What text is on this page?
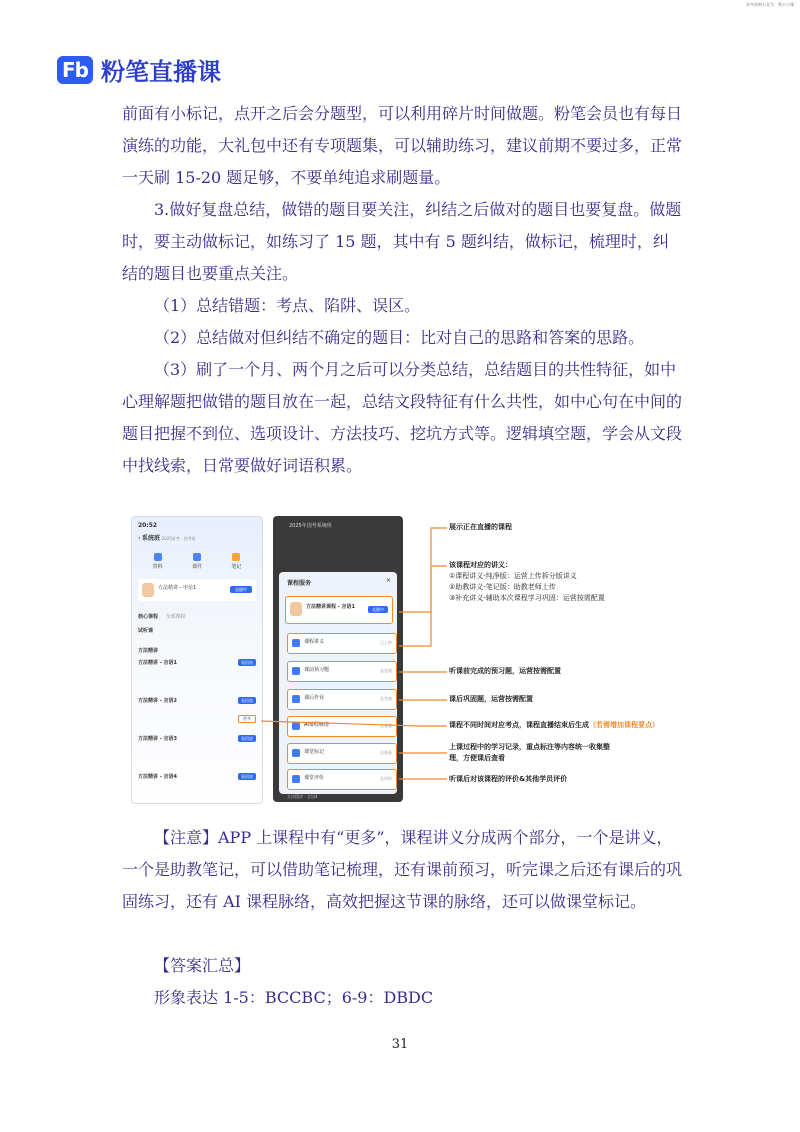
更多资料公众号：带公小课
Fb 粉笔直播课
前面有小标记，点开之后会分题型，可以利用碎片时间做题。粉笔会员也有每日演练的功能，大礼包中还有专项题集，可以辅助练习，建议前期不要过多，正常一天刷 15-20 题足够，不要单纯追求刷题量。
3.做好复盘总结，做错的题目要关注，纠结之后做对的题目也要复盘。做题时，要主动做标记，如练习了 15 题，其中有 5 题纠结，做标记，梳理时，纠结的题目也要重点关注。
（1）总结错题：考点、陷阱、误区。
（2）总结做对但纠结不确定的题目：比对自己的思路和答案的思路。
（3）刷了一个月、两个月之后可以分类总结，总结题目的共性特征，如中心理解题把做错的题目放在一起，总结文段特征有什么共性，如中心句在中间的题目把握不到位、选项设计、方法技巧、挖坑方式等。逻辑填空题，学会从文段中找线索，日常要做好词语积累。
20:52
‹ 系统班 2025省考 · 国考班
资料	课件	笔记
方法精讲 - 申论1	直播中
核心课程 全部课程
试听课
方法精讲
方法精讲 - 言语1	看回放
方法精讲 - 言语2	看回放
更多
方法精讲 - 言语3	看回放
方法精讲 - 言语4	看回放
2025年国考系统班
课程服务	×
方法精讲课程 - 言语1	直播中
课程讲义	已上传
课前预习题	去完成
课后作业	去完成
AI课程脉络	去查看
课堂标记	去查看
课堂评价	去评价
方法精讲 - 言语4
展示正在直播的课程
该课程对应的讲义：
①课程讲义-纯净版：运营上传拆分版讲义
②助教讲义-笔记版：助教老师上传
③补充讲义-辅助本次课程学习巩固：运营按需配置
听课前完成的预习题，运营按需配置
课后巩固题，运营按需配置
课程不同时间对应考点，课程直播结束后生成（若需增加课程要点）
上课过程中的学习记录，重点标注等内容统一收集整
理，方便课后查看
听课后对该课程的评价&其他学员评价
【注意】APP 上课程中有“更多”，课程讲义分成两个部分，一个是讲义，一个是助教笔记，可以借助笔记梳理，还有课前预习，听完课之后还有课后的巩固练习，还有 AI 课程脉络，高效把握这节课的脉络，还可以做课堂标记。
【答案汇总】
形象表达 1-5：BCCBC；6-9：DBDC
31
